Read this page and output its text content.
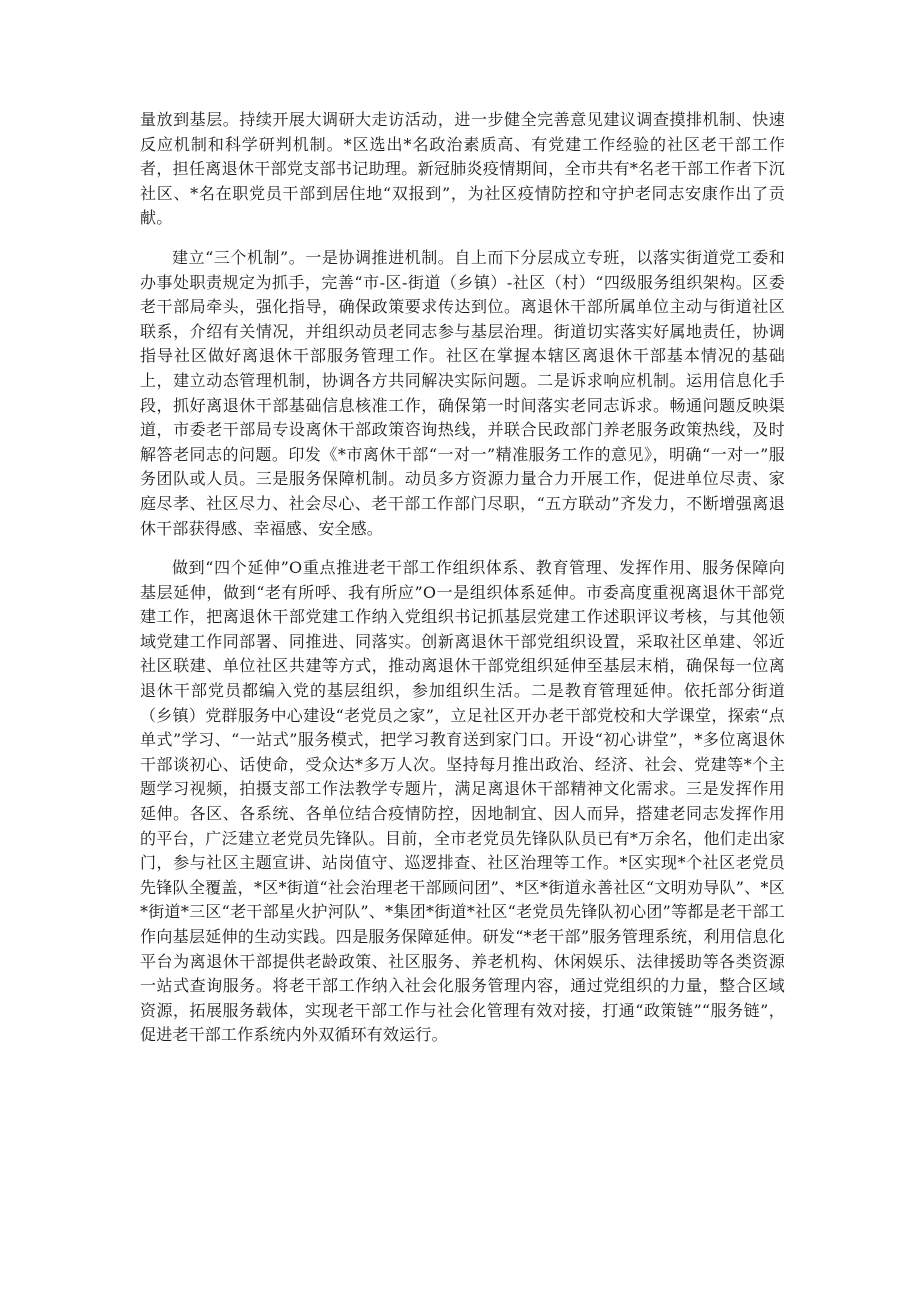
量放到基层。持续开展大调研大走访活动，进一步健全完善意见建议调查摸排机制、快速反应机制和科学研判机制。*区选出*名政治素质高、有党建工作经验的社区老干部工作者，担任离退休干部党支部书记助理。新冠肺炎疫情期间，全市共有*名老干部工作者下沉社区、*名在职党员干部到居住地“双报到”，为社区疫情防控和守护老同志安康作出了贡献。

建立“三个机制”。一是协调推进机制。自上而下分层成立专班，以落实街道党工委和办事处职责规定为抓手，完善“市-区-街道（乡镇）-社区（村）“四级服务组织架构。区委老干部局牵头，强化指导，确保政策要求传达到位。离退休干部所属单位主动与街道社区联系，介绍有关情况，并组织动员老同志参与基层治理。街道切实落实好属地责任，协调指导社区做好离退休干部服务管理工作。社区在掌握本辖区离退休干部基本情况的基础上，建立动态管理机制，协调各方共同解决实际问题。二是诉求响应机制。运用信息化手段，抓好离退休干部基础信息核准工作，确保第一时间落实老同志诉求。畅通问题反映渠道，市委老干部局专设离休干部政策咨询热线，并联合民政部门养老服务政策热线，及时解答老同志的问题。印发《*市离休干部“一对一”精准服务工作的意见》，明确“一对一”服务团队或人员。三是服务保障机制。动员多方资源力量合力开展工作，促进单位尽责、家庭尽孝、社区尽力、社会尽心、老干部工作部门尽职，“五方联动”齐发力，不断增强离退休干部获得感、幸福感、安全感。

做到“四个延伸”O重点推进老干部工作组织体系、教育管理、发挥作用、服务保障向基层延伸，做到“老有所呼、我有所应”O一是组织体系延伸。市委高度重视离退休干部党建工作，把离退休干部党建工作纳入党组织书记抓基层党建工作述职评议考核，与其他领域党建工作同部署、同推进、同落实。创新离退休干部党组织设置，采取社区单建、邻近社区联建、单位社区共建等方式，推动离退休干部党组织延伸至基层末梢，确保每一位离退休干部党员都编入党的基层组织，参加组织生活。二是教育管理延伸。依托部分街道（乡镇）党群服务中心建设“老党员之家”，立足社区开办老干部党校和大学课堂，探索“点单式”学习、“一站式”服务模式，把学习教育送到家门口。开设“初心讲堂”，*多位离退休干部谈初心、话使命，受众达*多万人次。坚持每月推出政治、经济、社会、党建等*个主题学习视频，拍摄支部工作法教学专题片，满足离退休干部精神文化需求。三是发挥作用延伸。各区、各系统、各单位结合疫情防控，因地制宜、因人而异，搭建老同志发挥作用的平台，广泛建立老党员先锋队。目前，全市老党员先锋队队员已有*万余名，他们走出家门，参与社区主题宣讲、站岗值守、巡逻排查、社区治理等工作。*区实现*个社区老党员先锋队全覆盖，*区*街道“社会治理老干部顾问团”、*区*街道永善社区“文明劝导队”、*区*街道*三区“老干部星火护河队”、*集团*街道*社区“老党员先锋队初心团”等都是老干部工作向基层延伸的生动实践。四是服务保障延伸。研发“*老干部”服务管理系统，利用信息化平台为离退休干部提供老龄政策、社区服务、养老机构、休闲娱乐、法律援助等各类资源一站式查询服务。将老干部工作纳入社会化服务管理内容，通过党组织的力量，整合区域资源，拓展服务载体，实现老干部工作与社会化管理有效对接，打通“政策链”“服务链”，促进老干部工作系统内外双循环有效运行。
